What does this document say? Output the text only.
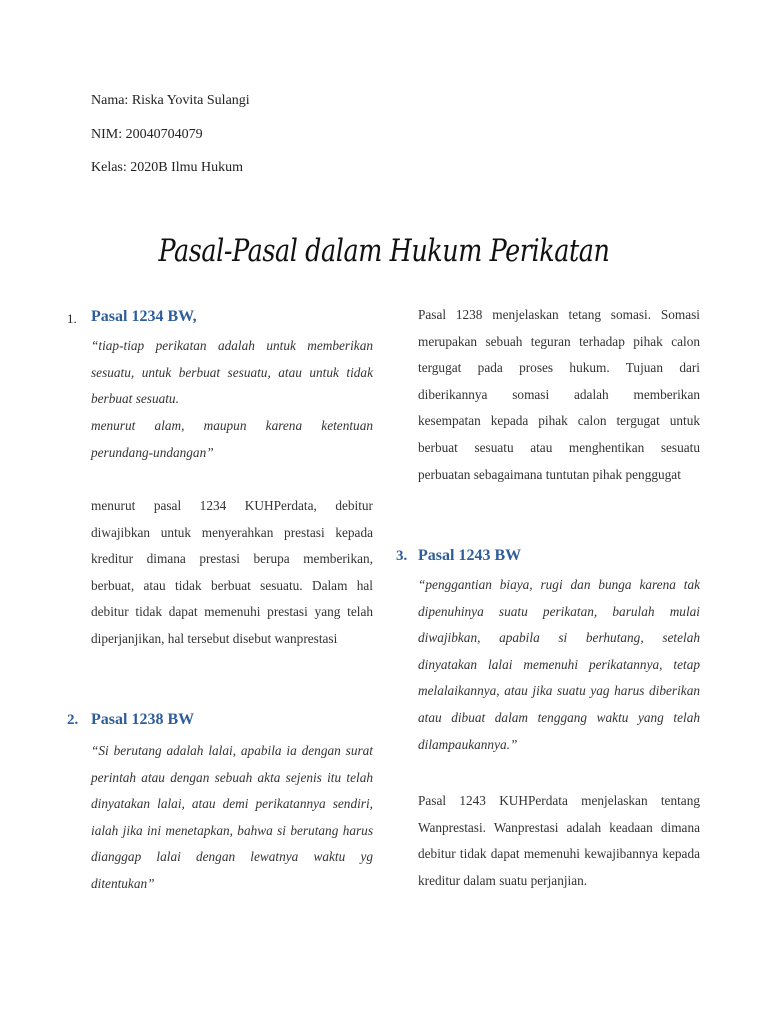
Nama: Riska Yovita Sulangi
NIM: 20040704079
Kelas: 2020B Ilmu Hukum
Pasal-Pasal dalam Hukum Perikatan
1. Pasal 1234 BW,

“tiap-tiap perikatan adalah untuk memberikan sesuatu, untuk berbuat sesuatu, atau untuk tidak berbuat sesuatu.

menurut alam, maupun karena ketentuan perundang-undangan”

menurut pasal 1234 KUHPerdata, debitur diwajibkan untuk menyerahkan prestasi kepada kreditur dimana prestasi berupa memberikan, berbuat, atau tidak berbuat sesuatu. Dalam hal debitur tidak dapat memenuhi prestasi yang telah diperjanjikan, hal tersebut disebut wanprestasi

2. Pasal 1238 BW

“Si berutang adalah lalai, apabila ia dengan surat perintah atau dengan sebuah akta sejenis itu telah dinyatakan lalai, atau demi perikatannya sendiri, ialah jika ini menetapkan, bahwa si berutang harus dianggap lalai dengan lewatnya waktu yg ditentukan”

Pasal 1238 menjelaskan tetang somasi. Somasi merupakan sebuah teguran terhadap pihak calon tergugat pada proses hukum. Tujuan dari diberikannya somasi adalah memberikan kesempatan kepada pihak calon tergugat untuk berbuat sesuatu atau menghentikan sesuatu perbuatan sebagaimana tuntutan pihak penggugat

3. Pasal 1243 BW

“penggantian biaya, rugi dan bunga karena tak dipenuhinya suatu perikatan, barulah mulai diwajibkan, apabila si berhutang, setelah dinyatakan lalai memenuhi perikatannya, tetap melalaikannya, atau jika suatu yag harus diberikan atau dibuat dalam tenggang waktu yang telah dilampaukannya.”

Pasal 1243 KUHPerdata menjelaskan tentang Wanprestasi. Wanprestasi adalah keadaan dimana debitur tidak dapat memenuhi kewajibannya kepada kreditur dalam suatu perjanjian.
